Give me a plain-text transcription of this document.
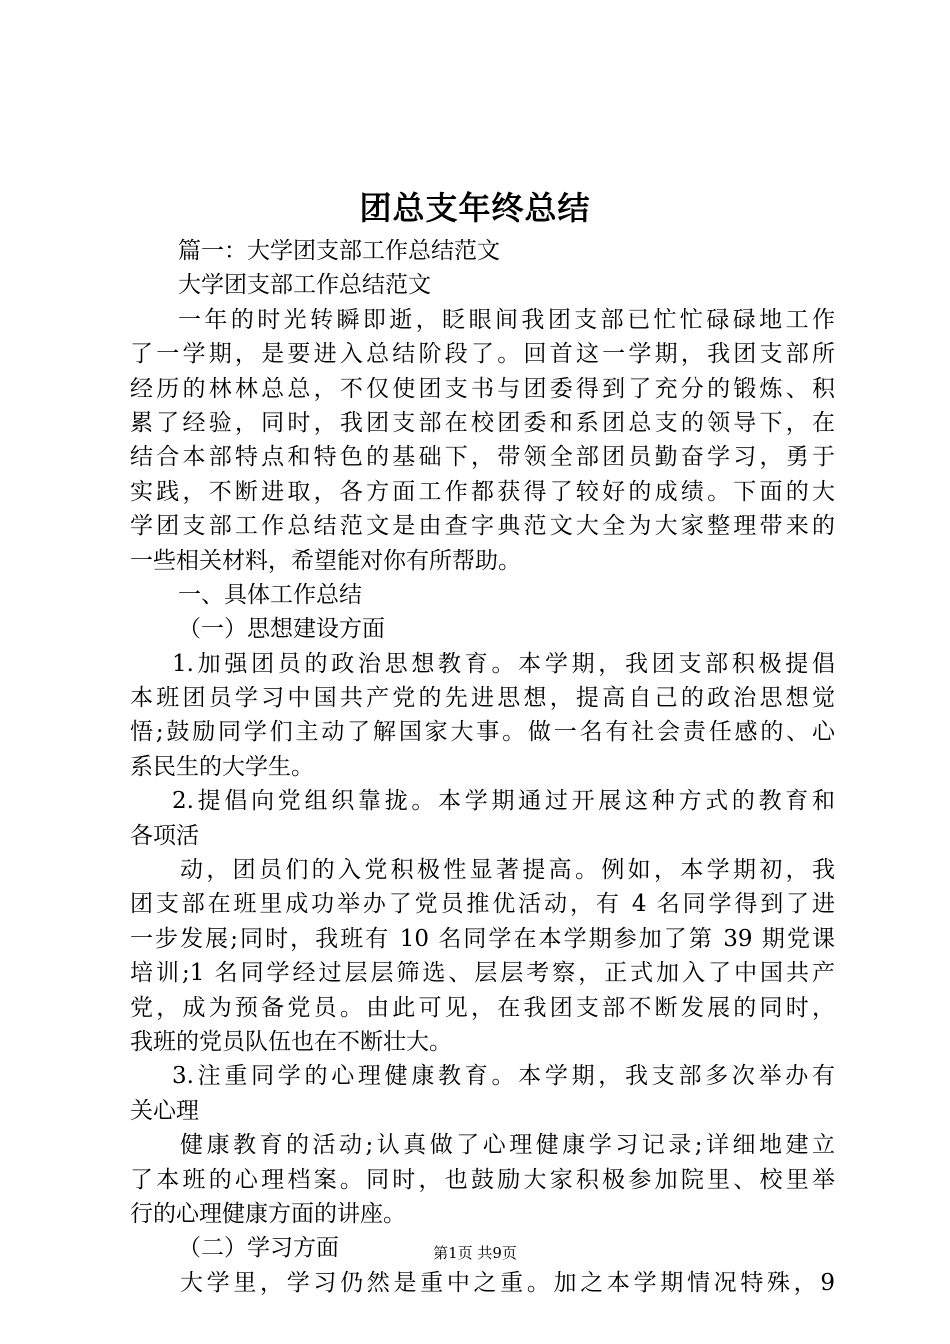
团总支年终总结
篇一：大学团支部工作总结范文
大学团支部工作总结范文
一年的时光转瞬即逝，眨眼间我团支部已忙忙碌碌地工作
了一学期，是要进入总结阶段了。回首这一学期，我团支部所
经历的林林总总，不仅使团支书与团委得到了充分的锻炼、积
累了经验，同时，我团支部在校团委和系团总支的领导下，在
结合本部特点和特色的基础下，带领全部团员勤奋学习，勇于
实践，不断进取，各方面工作都获得了较好的成绩。下面的大
学团支部工作总结范文是由查字典范文大全为大家整理带来的
一些相关材料，希望能对你有所帮助。
一、具体工作总结
（一）思想建设方面
1.加强团员的政治思想教育。本学期，我团支部积极提倡
本班团员学习中国共产党的先进思想，提高自己的政治思想觉
悟;鼓励同学们主动了解国家大事。做一名有社会责任感的、心
系民生的大学生。
2.提倡向党组织靠拢。本学期通过开展这种方式的教育和
各项活
动，团员们的入党积极性显著提高。例如，本学期初，我
团支部在班里成功举办了党员推优活动，有 4 名同学得到了进
一步发展;同时，我班有 10 名同学在本学期参加了第 39 期党课
培训;1 名同学经过层层筛选、层层考察，正式加入了中国共产
党，成为预备党员。由此可见，在我团支部不断发展的同时，
我班的党员队伍也在不断壮大。
3.注重同学的心理健康教育。本学期，我支部多次举办有
关心理
健康教育的活动;认真做了心理健康学习记录;详细地建立
了本班的心理档案。同时，也鼓励大家积极参加院里、校里举
行的心理健康方面的讲座。
（二）学习方面
大学里，学习仍然是重中之重。加之本学期情况特殊，9
第1页 共9页
